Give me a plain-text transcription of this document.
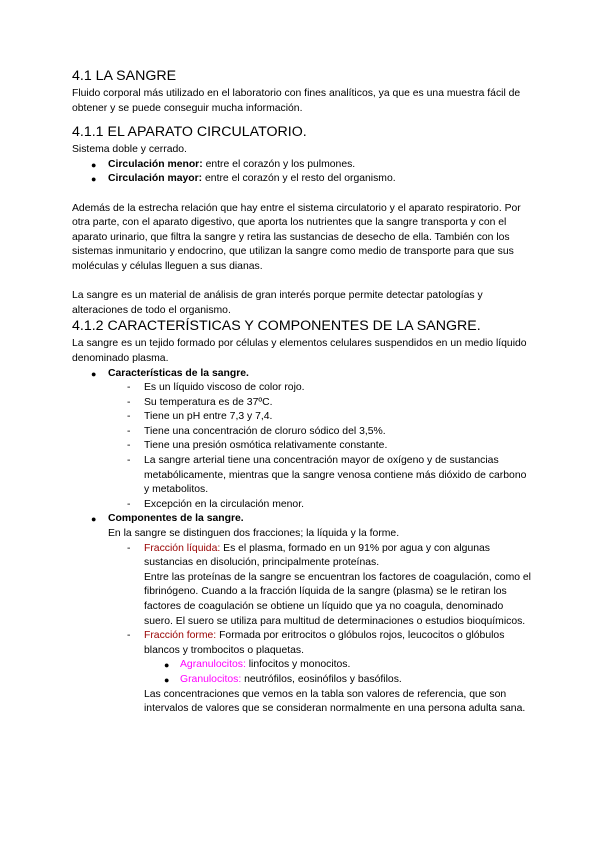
4.1 LA SANGRE

Fluido corporal más utilizado en el laboratorio con fines analíticos, ya que es una muestra fácil de obtener y se puede conseguir mucha información.

4.1.1 EL APARATO CIRCULATORIO.

Sistema doble y cerrado.

● Circulación menor: entre el corazón y los pulmones.
● Circulación mayor: entre el corazón y el resto del organismo.

Además de la estrecha relación que hay entre el sistema circulatorio y el aparato respiratorio. Por otra parte, con el aparato digestivo, que aporta los nutrientes que la sangre transporta y con el aparato urinario, que filtra la sangre y retira las sustancias de desecho de ella. También con los sistemas inmunitario y endocrino, que utilizan la sangre como medio de transporte para que sus moléculas y células lleguen a sus dianas.

La sangre es un material de análisis de gran interés porque permite detectar patologías y alteraciones de todo el organismo.

4.1.2 CARACTERÍSTICAS Y COMPONENTES DE LA SANGRE.

La sangre es un tejido formado por células y elementos celulares suspendidos en un medio líquido denominado plasma.

● Características de la sangre.
- Es un líquido viscoso de color rojo.
- Su temperatura es de 37ºC.
- Tiene un pH entre 7,3 y 7,4.
- Tiene una concentración de cloruro sódico del 3,5%.
- Tiene una presión osmótica relativamente constante.
- La sangre arterial tiene una concentración mayor de oxígeno y de sustancias metabólicamente, mientras que la sangre venosa contiene más dióxido de carbono y metabolitos.
- Excepción en la circulación menor.
● Componentes de la sangre.

En la sangre se distinguen dos fracciones; la líquida y la forme.

- Fracción líquida: Es el plasma, formado en un 91% por agua y con algunas sustancias en disolución, principalmente proteínas.

Entre las proteínas de la sangre se encuentran los factores de coagulación, como el fibrinógeno. Cuando a la fracción líquida de la sangre (plasma) se le retiran los factores de coagulación se obtiene un líquido que ya no coagula, denominado suero. El suero se utiliza para multitud de determinaciones o estudios bioquímicos.

- Fracción forme: Formada por eritrocitos o glóbulos rojos, leucocitos o glóbulos blancos y trombocitos o plaquetas.
● Agranulocitos: linfocitos y monocitos.
● Granulocitos: neutrófilos, eosinófilos y basófilos.

Las concentraciones que vemos en la tabla son valores de referencia, que son intervalos de valores que se consideran normalmente en una persona adulta sana.
